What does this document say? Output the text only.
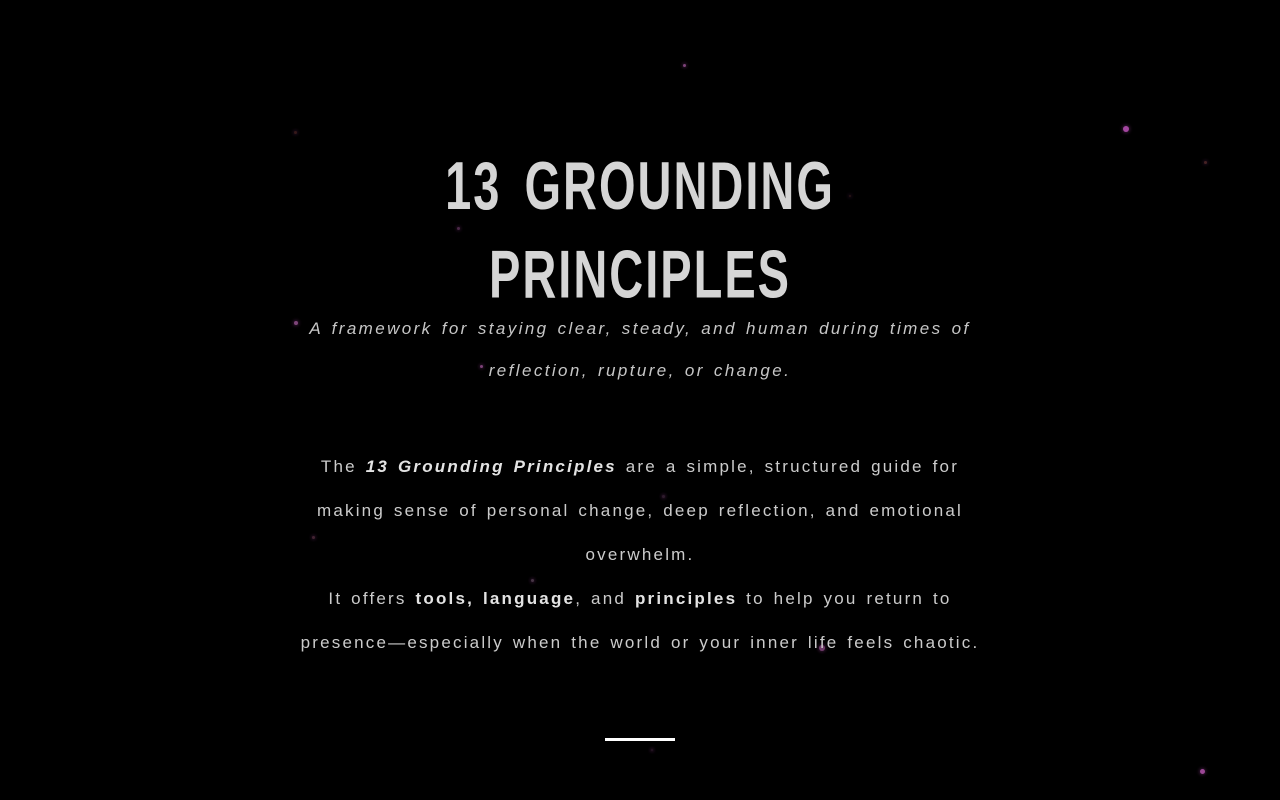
13 GROUNDING
PRINCIPLES

A framework for staying clear, steady, and human during times of
reflection, rupture, or change.

The 13 Grounding Principles are a simple, structured guide for
making sense of personal change, deep reflection, and emotional
overwhelm.
It offers tools, language, and principles to help you return to
presence—especially when the world or your inner life feels chaotic.
